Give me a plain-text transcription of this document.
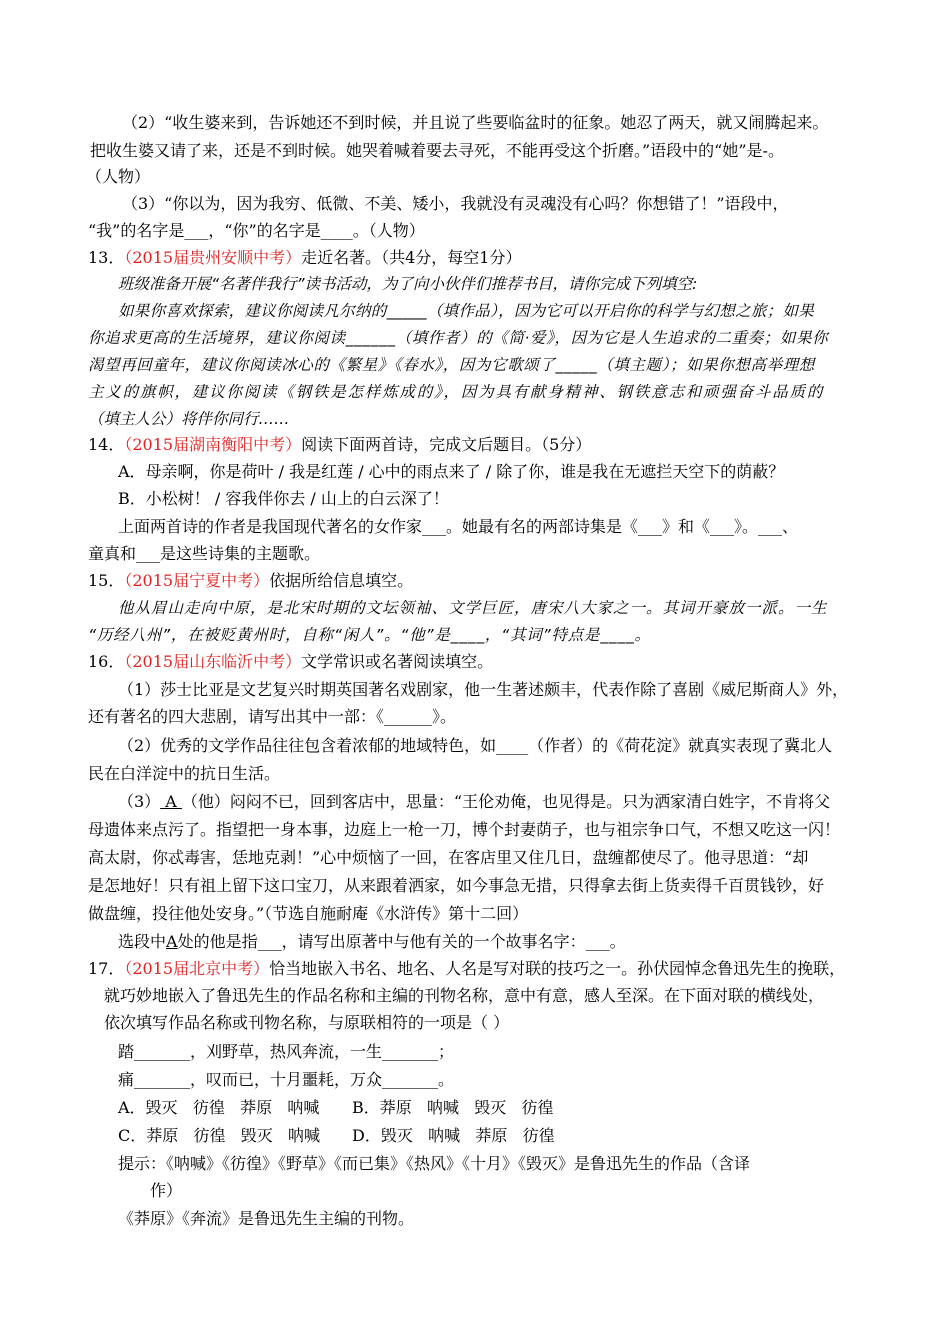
（2）“收生婆来到，告诉她还不到时候，并且说了些要临盆时的征象。她忍了两天，就又闹腾起来。

把收生婆又请了来，还是不到时候。她哭着喊着要去寻死，不能再受这个折磨。”语段中的“她”是-。

（人物）

（3）“你以为，因为我穷、低微、不美、矮小，我就没有灵魂没有心吗？你想错了！”语段中，

“我”的名字是___，“你”的名字是____。（人物）

13．（2015届贵州安顺中考）走近名著。（共4分，每空1分）

班级准备开展“名著伴我行”读书活动，为了向小伙伴们推荐书目，请你完成下列填空:

如果你喜欢探索，建议你阅读凡尔纳的_____（填作品），因为它可以开启你的科学与幻想之旅；如果

你追求更高的生活境界，建议你阅读______（填作者）的《简·爱》，因为它是人生追求的二重奏；如果你

渴望再回童年，建议你阅读冰心的《繁星》《春水》，因为它歌颂了_____（填主题）；如果你想高举理想

主义的旗帜，建议你阅读《钢铁是怎样炼成的》，因为具有献身精神、钢铁意志和顽强奋斗品质的

（填主人公）将伴你同行……

14．（2015届湖南衡阳中考）阅读下面两首诗，完成文后题目。（5分）

A．母亲啊，你是荷叶 / 我是红莲 / 心中的雨点来了 / 除了你，谁是我在无遮拦天空下的荫蔽？

B．小松树！ / 容我伴你去 / 山上的白云深了！

上面两首诗的作者是我国现代著名的女作家___。她最有名的两部诗集是《___》和《___》。___、

童真和___是这些诗集的主题歌。

15．（2015届宁夏中考）依据所给信息填空。

他从眉山走向中原，是北宋时期的文坛领袖、文学巨匠，唐宋八大家之一。其词开豪放一派。一生

“历经八州”，在被贬黄州时，自称“闲人”。“他”是____，“其词”特点是____。

16．（2015届山东临沂中考）文学常识或名著阅读填空。

（1）莎士比亚是文艺复兴时期英国著名戏剧家，他一生著述颇丰，代表作除了喜剧《威尼斯商人》外，

还有著名的四大悲剧，请写出其中一部：《______》。

（2）优秀的文学作品往往包含着浓郁的地域特色，如____（作者）的《荷花淀》就真实表现了冀北人

民在白洋淀中的抗日生活。

（3） A （他）闷闷不已，回到客店中，思量：“王伦劝俺，也见得是。只为洒家清白姓字，不肯将父

母遗体来点污了。指望把一身本事，边庭上一枪一刀，博个封妻荫子，也与祖宗争口气，不想又吃这一闪！

高太尉，你忒毒害，恁地克剥！”心中烦恼了一回，在客店里又住几日，盘缠都使尽了。他寻思道：“却

是怎地好！只有祖上留下这口宝刀，从来跟着洒家，如今事急无措，只得拿去街上货卖得千百贯钱钞，好

做盘缠，投往他处安身。”（节选自施耐庵《水浒传》第十二回）

选段中A处的他是指___，请写出原著中与他有关的一个故事名字：___。

17．（2015届北京中考）恰当地嵌入书名、地名、人名是写对联的技巧之一。孙伏园悼念鲁迅先生的挽联，

就巧妙地嵌入了鲁迅先生的作品名称和主编的刊物名称，意中有意，感人至深。在下面对联的横线处，

依次填写作品名称或刊物名称，与原联相符的一项是（ ）

踏_______，刈野草，热风奔流，一生_______；

痛_______，叹而已，十月噩耗，万众_______。

A．毁灭   彷徨   莽原   呐喊 B．莽原   呐喊   毁灭   彷徨

C．莽原   彷徨   毁灭   呐喊 D．毁灭   呐喊   莽原   彷徨

提示：《呐喊》《彷徨》《野草》《而已集》《热风》《十月》《毁灭》是鲁迅先生的作品（含译

作）

《莽原》《奔流》是鲁迅先生主编的刊物。
